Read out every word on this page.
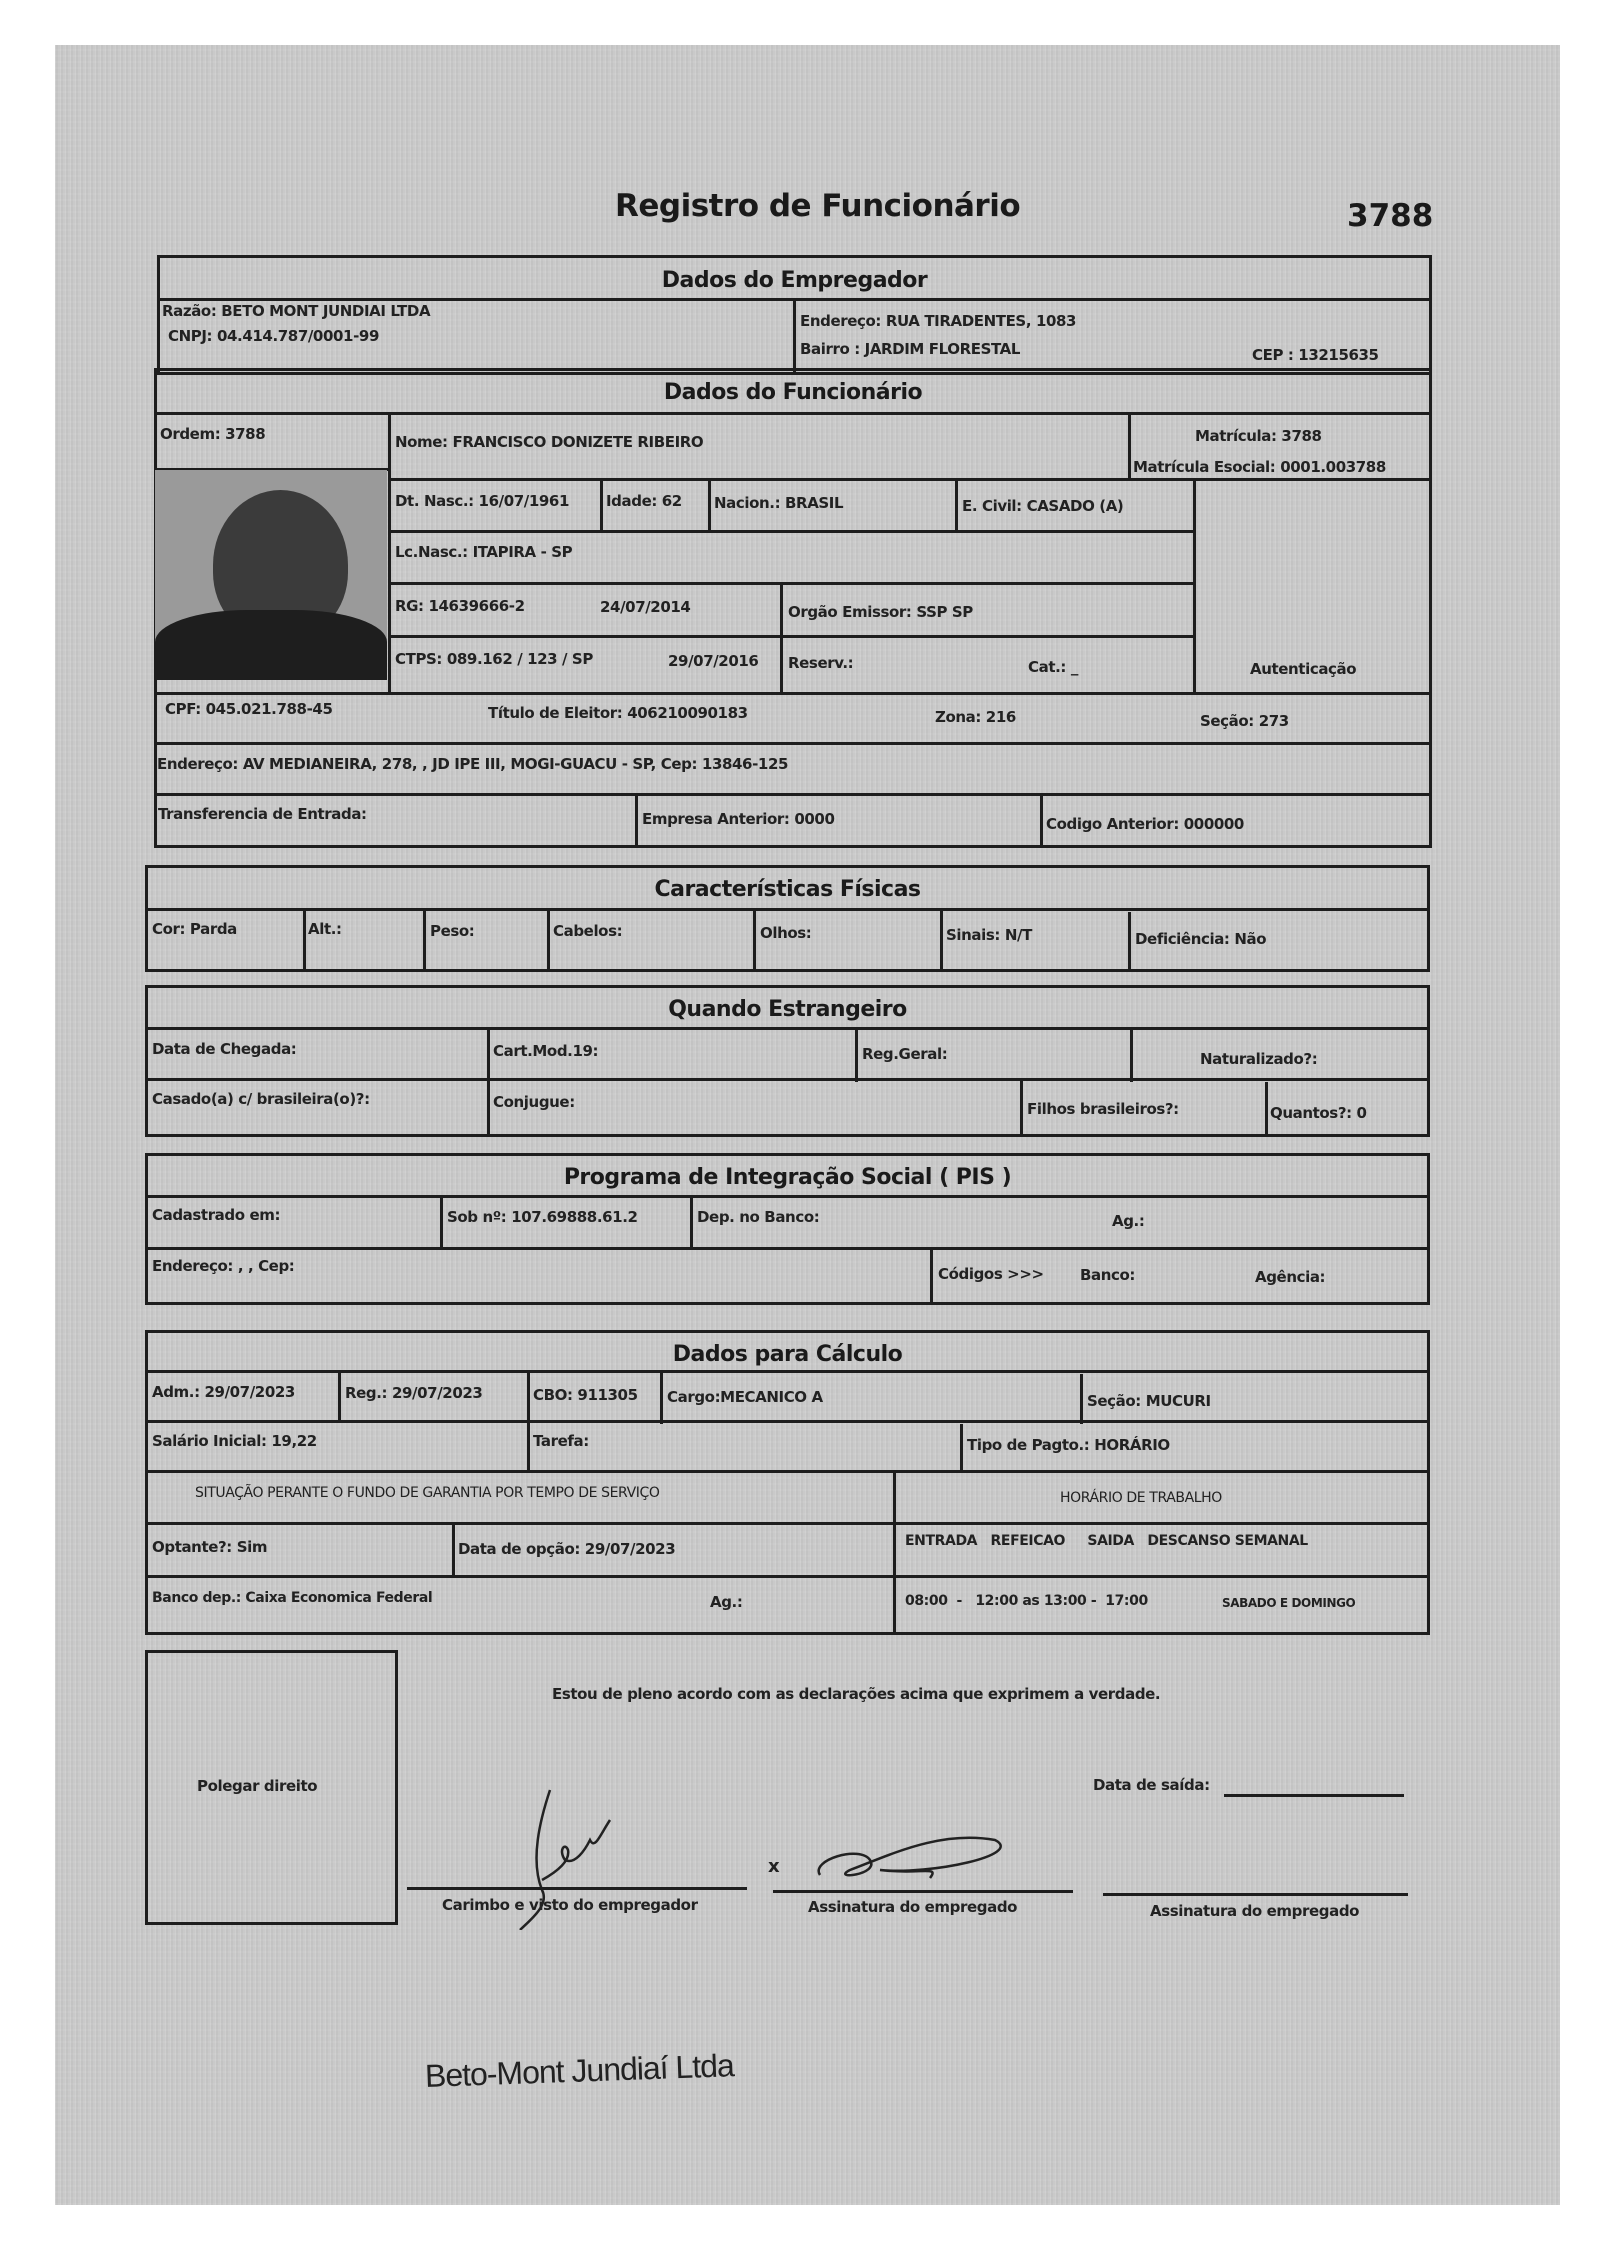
Registro de Funcionário	3788
Dados do Empregador
Razão: BETO MONT JUNDIAI LTDA
CNPJ: 04.414.787/0001-99
Endereço: RUA TIRADENTES, 1083
Bairro : JARDIM FLORESTAL	CEP : 13215635
Dados do Funcionário
Ordem: 3788	Nome: FRANCISCO DONIZETE RIBEIRO	Matrícula: 3788
Matrícula Esocial: 0001.003788
Dt. Nasc.: 16/07/1961 Idade: 62 Nacion.: BRASIL	E. Civil: CASADO (A)
Lc.Nasc.: ITAPIRA - SP
RG: 14639666-2	24/07/2014	Orgão Emissor: SSP SP
CTPS: 089.162 / 123 / SP	29/07/2016 Reserv.:	Cat.: _	Autenticação
CPF: 045.021.788-45	Título de Eleitor: 406210090183	Zona: 216	Seção: 273
Endereço: AV MEDIANEIRA, 278, , JD IPE III, MOGI-GUACU - SP, Cep: 13846-125
Transferencia de Entrada:	Empresa Anterior: 0000	Codigo Anterior: 000000
Características Físicas
Cor: Parda	Alt.:	Peso:	Cabelos:	Olhos:	Sinais: N/T	Deficiência: Não
Quando Estrangeiro
Data de Chegada:	Cart.Mod.19:	Reg.Geral:	Naturalizado?:
Casado(a) c/ brasileira(o)?:	Conjugue:	Filhos brasileiros?:	Quantos?: 0
Programa de Integração Social ( PIS )
Cadastrado em:	Sob nº: 107.69888.61.2	Dep. no Banco:	Ag.:
Endereço: , , Cep:	Códigos >>> Banco:	Agência:
Dados para Cálculo
Adm.: 29/07/2023	Reg.: 29/07/2023	CBO: 911305 Cargo:MECANICO A	Seção: MUCURI
Salário Inicial: 19,22	Tarefa:	Tipo de Pagto.: HORÁRIO
SITUAÇÃO PERANTE O FUNDO DE GARANTIA POR TEMPO DE SERVIÇO	HORÁRIO DE TRABALHO
Optante?: Sim	Data de opção: 29/07/2023	ENTRADA   REFEICAO     SAIDA   DESCANSO SEMANAL
Banco dep.: Caixa Economica Federal	Ag.:	08:00  -   12:00 as 13:00 -  17:00	SABADO E DOMINGO
Polegar direito
Estou de pleno acordo com as declarações acima que exprimem a verdade.
Data de saída:
x
Carimbo e visto do empregador	Assinatura do empregado	Assinatura do empregado
Beto-Mont Jundiaí Ltda
